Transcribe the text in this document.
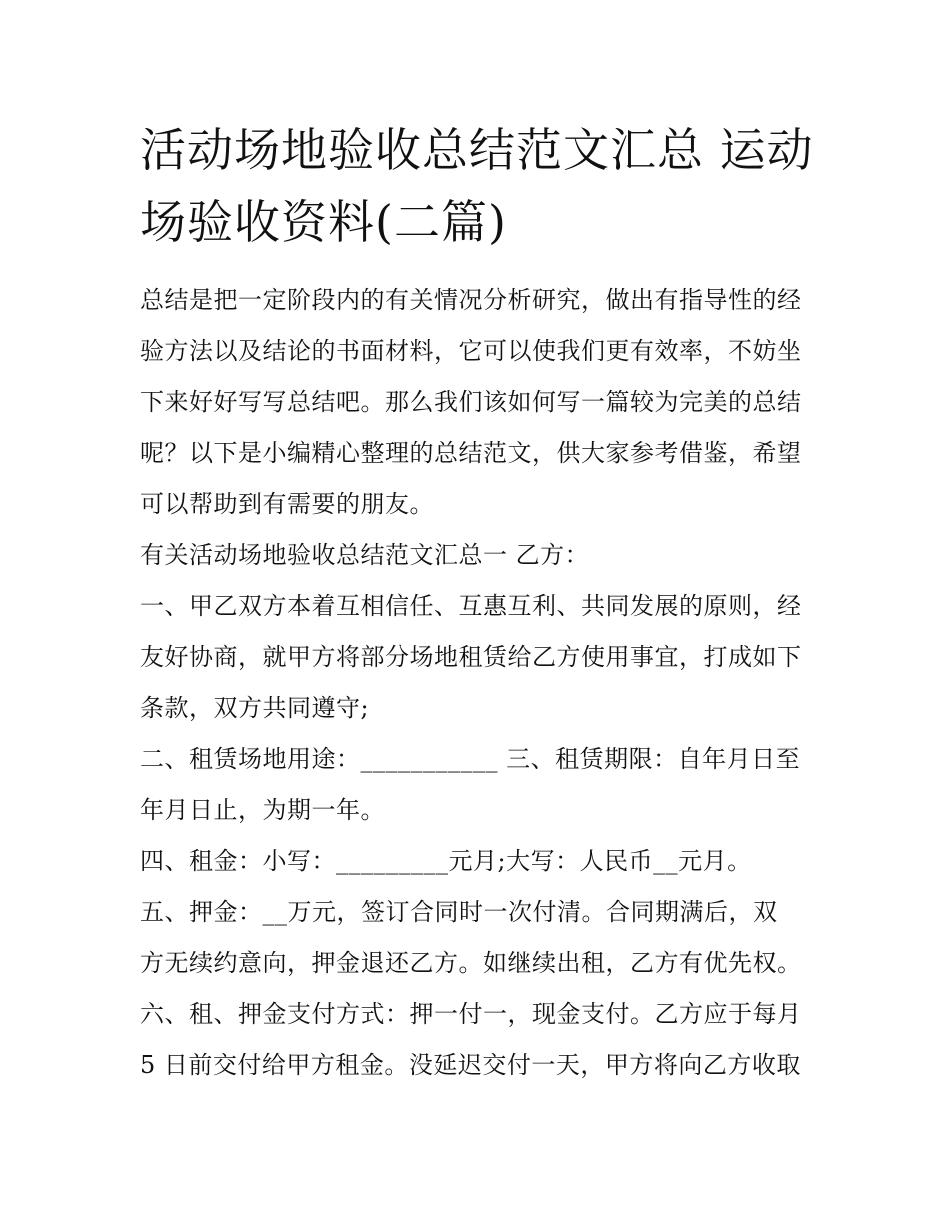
活动场地验收总结范文汇总 运动场验收资料(二篇)

总结是把一定阶段内的有关情况分析研究，做出有指导性的经

验方法以及结论的书面材料，它可以使我们更有效率，不妨坐

下来好好写写总结吧。那么我们该如何写一篇较为完美的总结

呢？以下是小编精心整理的总结范文，供大家参考借鉴，希望

可以帮助到有需要的朋友。

有关活动场地验收总结范文汇总一 乙方：

一、甲乙双方本着互相信任、互惠互利、共同发展的原则，经

友好协商，就甲方将部分场地租赁给乙方使用事宜，打成如下

条款，双方共同遵守;

二、租赁场地用途：___________ 三、租赁期限：自年月日至

年月日止，为期一年。

四、租金：小写：_________元月;大写：人民币__元月。

五、押金：__万元，签订合同时一次付清。合同期满后，双

方无续约意向，押金退还乙方。如继续出租，乙方有优先权。

六、租、押金支付方式：押一付一，现金支付。乙方应于每月

5 日前交付给甲方租金。没延迟交付一天，甲方将向乙方收取
